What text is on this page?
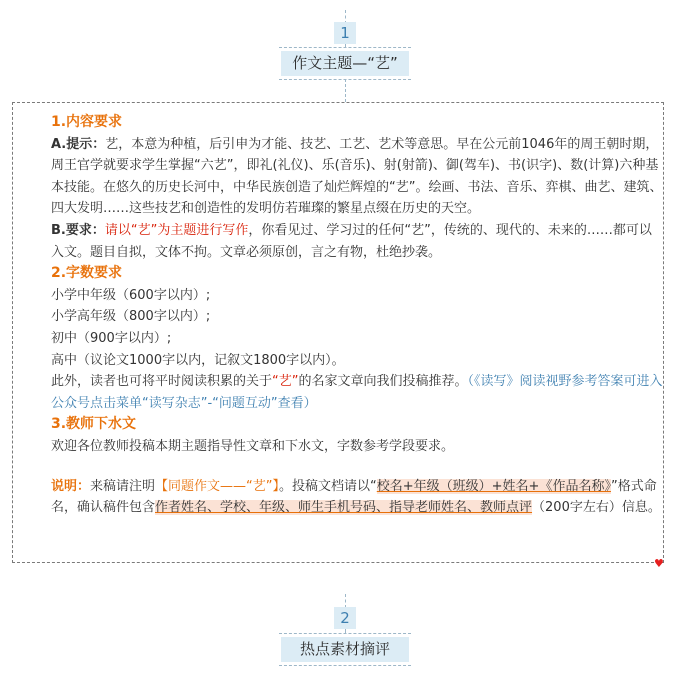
1
作文主题—“艺”

1.内容要求

A.提示：艺，本意为种植，后引申为才能、技艺、工艺、艺术等意思。早在公元前1046年的周王朝时期，周王官学就要求学生掌握“六艺”，即礼(礼仪)、乐(音乐)、射(射箭)、御(驾车)、书(识字)、数(计算)六种基本技能。在悠久的历史长河中，中华民族创造了灿烂辉煌的“艺”。绘画、书法、音乐、弈棋、曲艺、建筑、四大发明……这些技艺和创造性的发明仿若璀璨的繁星点缀在历史的天空。

B.要求：请以“艺”为主题进行写作，你看见过、学习过的任何“艺”，传统的、现代的、未来的……都可以入文。题目自拟，文体不拘。文章必须原创，言之有物，杜绝抄袭。

2.字数要求

小学中年级（600字以内）;

小学高年级（800字以内）;

初中（900字以内）;

高中（议论文1000字以内，记叙文1800字以内）。

此外，读者也可将平时阅读积累的关于“艺”的名家文章向我们投稿推荐。（《读写》阅读视野参考答案可进入公众号点击菜单“读写杂志”-“问题互动”查看）

3.教师下水文

欢迎各位教师投稿本期主题指导性文章和下水文，字数参考学段要求。

说明：来稿请注明【同题作文——“艺”】。投稿文档请以“校名+年级（班级）+姓名+《作品名称》”格式命名，确认稿件包含作者姓名、学校、年级、师生手机号码、指导老师姓名、教师点评（200字左右）信息。

♥
2
热点素材摘评
